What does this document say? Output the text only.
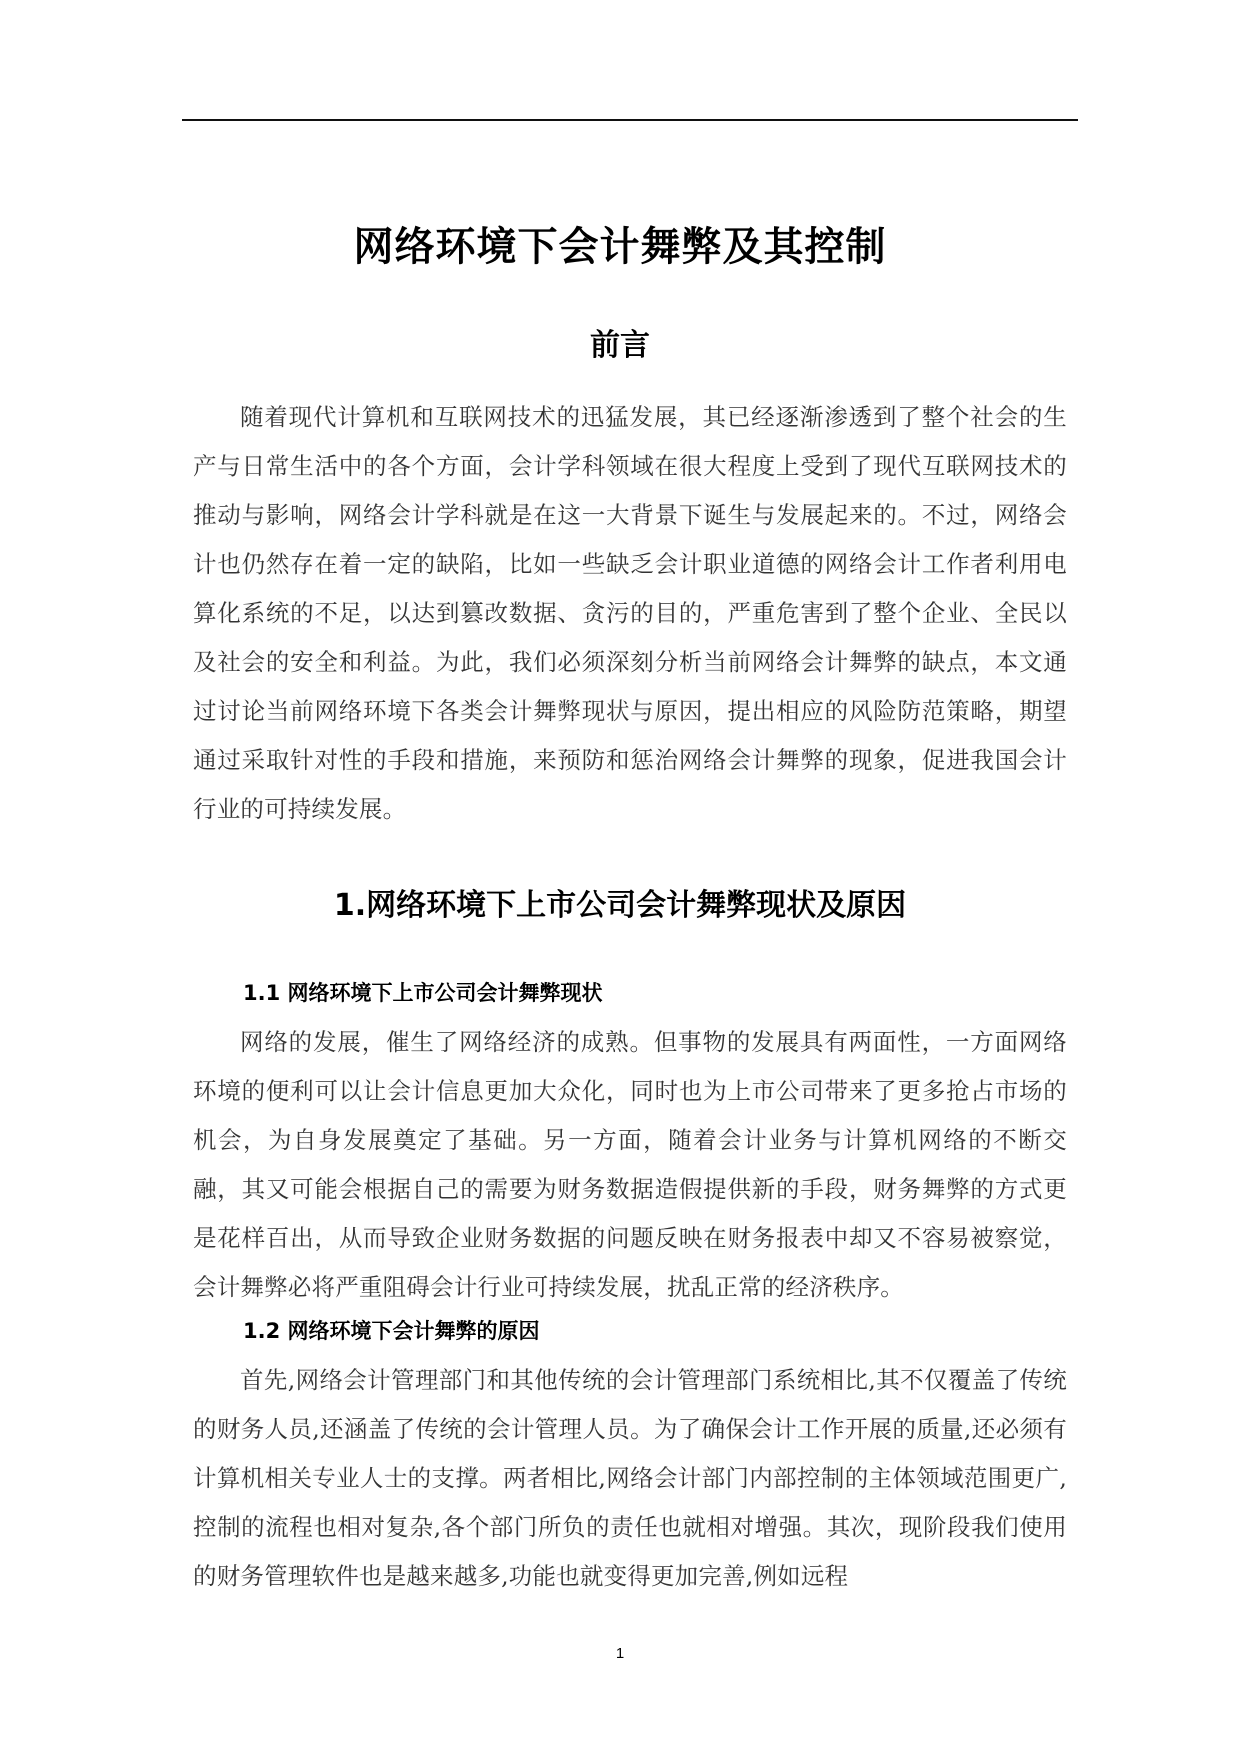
网络环境下会计舞弊及其控制
前言

随着现代计算机和互联网技术的迅猛发展，其已经逐渐渗透到了整个社会的生产与日常生活中的各个方面，会计学科领域在很大程度上受到了现代互联网技术的推动与影响，网络会计学科就是在这一大背景下诞生与发展起来的。不过，网络会计也仍然存在着一定的缺陷，比如一些缺乏会计职业道德的网络会计工作者利用电算化系统的不足，以达到篡改数据、贪污的目的，严重危害到了整个企业、全民以及社会的安全和利益。为此，我们必须深刻分析当前网络会计舞弊的缺点，本文通过讨论当前网络环境下各类会计舞弊现状与原因，提出相应的风险防范策略，期望通过采取针对性的手段和措施，来预防和惩治网络会计舞弊的现象，促进我国会计行业的可持续发展。

1.网络环境下上市公司会计舞弊现状及原因
1.1 网络环境下上市公司会计舞弊现状

网络的发展，催生了网络经济的成熟。但事物的发展具有两面性，一方面网络环境的便利可以让会计信息更加大众化，同时也为上市公司带来了更多抢占市场的机会，为自身发展奠定了基础。另一方面，随着会计业务与计算机网络的不断交融，其又可能会根据自己的需要为财务数据造假提供新的手段，财务舞弊的方式更是花样百出，从而导致企业财务数据的问题反映在财务报表中却又不容易被察觉，会计舞弊必将严重阻碍会计行业可持续发展，扰乱正常的经济秩序。

1.2 网络环境下会计舞弊的原因

首先,网络会计管理部门和其他传统的会计管理部门系统相比,其不仅覆盖了传统的财务人员,还涵盖了传统的会计管理人员。为了确保会计工作开展的质量,还必须有计算机相关专业人士的支撑。两者相比,网络会计部门内部控制的主体领域范围更广,控制的流程也相对复杂,各个部门所负的责任也就相对增强。其次，现阶段我们使用的财务管理软件也是越来越多,功能也就变得更加完善,例如远程

1
